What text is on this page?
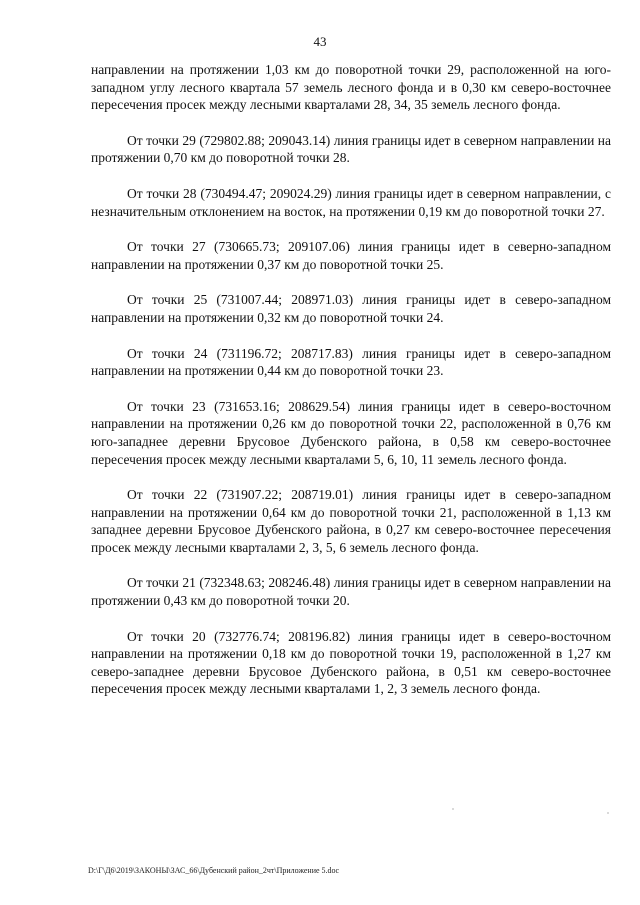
43

направлении на протяжении 1,03 км до поворотной точки 29, расположенной на юго-западном углу лесного квартала 57 земель лесного фонда и в 0,30 км северо-восточнее пересечения просек между лесными кварталами 28, 34, 35 земель лесного фонда.

От точки 29 (729802.88; 209043.14) линия границы идет в северном направлении на протяжении 0,70 км до поворотной точки 28.

От точки 28 (730494.47; 209024.29) линия границы идет в северном направлении, с незначительным отклонением на восток, на протяжении 0,19 км до поворотной точки 27.

От точки 27 (730665.73; 209107.06) линия границы идет в северно-западном направлении на протяжении 0,37 км до поворотной точки 25.

От точки 25 (731007.44; 208971.03) линия границы идет в северо-западном направлении на протяжении 0,32 км до поворотной точки 24.

От точки 24 (731196.72; 208717.83) линия границы идет в северо-западном направлении на протяжении 0,44 км до поворотной точки 23.

От точки 23 (731653.16; 208629.54) линия границы идет в северо-восточном направлении на протяжении 0,26 км до поворотной точки 22, расположенной в 0,76 км юго-западнее деревни Брусовое Дубенского района, в 0,58 км северо-восточнее пересечения просек между лесными кварталами 5, 6, 10, 11 земель лесного фонда.

От точки 22 (731907.22; 208719.01) линия границы идет в северо-западном направлении на протяжении 0,64 км до поворотной точки 21, расположенной в 1,13 км западнее деревни Брусовое Дубенского района, в 0,27 км северо-восточнее пересечения просек между лесными кварталами 2, 3, 5, 6 земель лесного фонда.

От точки 21 (732348.63; 208246.48) линия границы идет в северном направлении на протяжении 0,43 км до поворотной точки 20.

От точки 20 (732776.74; 208196.82) линия границы идет в северо-восточном направлении на протяжении 0,18 км до поворотной точки 19, расположенной в 1,27 км северо-западнее деревни Брусовое Дубенского района, в 0,51 км северо-восточнее пересечения просек между лесными кварталами 1, 2, 3 земель лесного фонда.

D:\Г\Д6\2019\ЗАКОНЫ\ЗАС_66\Дубенский район_2чт\Приложение 5.doc
